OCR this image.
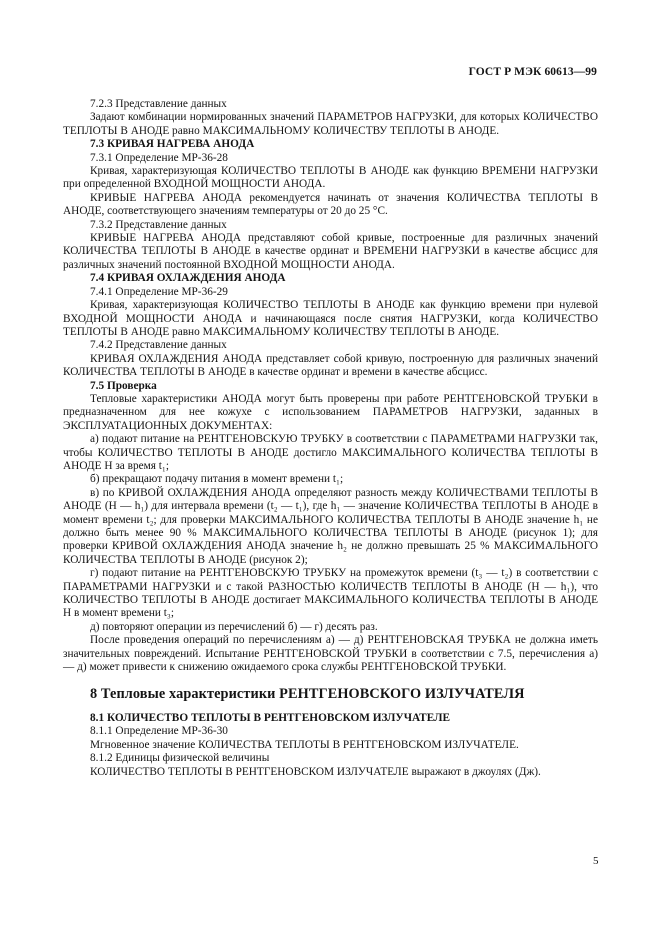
ГОСТ Р МЭК 60613—99

7.2.3 Представление данных

Задают комбинации нормированных значений ПАРАМЕТРОВ НАГРУЗКИ, для которых КОЛИЧЕСТВО ТЕПЛОТЫ В АНОДЕ равно МАКСИМАЛЬНОМУ КОЛИЧЕСТВУ ТЕПЛОТЫ В АНОДЕ.

7.3 КРИВАЯ НАГРЕВА АНОДА

7.3.1 Определение МР-36-28

Кривая, характеризующая КОЛИЧЕСТВО ТЕПЛОТЫ В АНОДЕ как функцию ВРЕМЕНИ НАГРУЗКИ при определенной ВХОДНОЙ МОЩНОСТИ АНОДА.

КРИВЫЕ НАГРЕВА АНОДА рекомендуется начинать от значения КОЛИЧЕСТВА ТЕПЛОТЫ В АНОДЕ, соответствующего значениям температуры от 20 до 25 °С.

7.3.2 Представление данных

КРИВЫЕ НАГРЕВА АНОДА представляют собой кривые, построенные для различных значений КОЛИЧЕСТВА ТЕПЛОТЫ В АНОДЕ в качестве ординат и ВРЕМЕНИ НАГРУЗКИ в качестве абсцисс для различных значений постоянной ВХОДНОЙ МОЩНОСТИ АНОДА.

7.4 КРИВАЯ ОХЛАЖДЕНИЯ АНОДА

7.4.1 Определение МР-36-29

Кривая, характеризующая КОЛИЧЕСТВО ТЕПЛОТЫ В АНОДЕ как функцию времени при нулевой ВХОДНОЙ МОЩНОСТИ АНОДА и начинающаяся после снятия НАГРУЗКИ, когда КОЛИЧЕСТВО ТЕПЛОТЫ В АНОДЕ равно МАКСИМАЛЬНОМУ КОЛИЧЕСТВУ ТЕПЛОТЫ В АНОДЕ.

7.4.2 Представление данных

КРИВАЯ ОХЛАЖДЕНИЯ АНОДА представляет собой кривую, построенную для различных значений КОЛИЧЕСТВА ТЕПЛОТЫ В АНОДЕ в качестве ординат и времени в качестве абсцисс.

7.5 Проверка

Тепловые характеристики АНОДА могут быть проверены при работе РЕНТГЕНОВСКОЙ ТРУБКИ в предназначенном для нее кожухе с использованием ПАРАМЕТРОВ НАГРУЗКИ, заданных в ЭКСПЛУАТАЦИОННЫХ ДОКУМЕНТАХ:

а) подают питание на РЕНТГЕНОВСКУЮ ТРУБКУ в соответствии с ПАРАМЕТРАМИ НАГРУЗКИ так, чтобы КОЛИЧЕСТВО ТЕПЛОТЫ В АНОДЕ достигло МАКСИМАЛЬНОГО КОЛИЧЕСТВА ТЕПЛОТЫ В АНОДЕ H за время t₁;

б) прекращают подачу питания в момент времени t₁;

в) по КРИВОЙ ОХЛАЖДЕНИЯ АНОДА определяют разность между КОЛИЧЕСТВАМИ ТЕПЛОТЫ В АНОДЕ (H — h₁) для интервала времени (t₂ — t₁), где h₁ — значение КОЛИЧЕСТВА ТЕПЛОТЫ В АНОДЕ в момент времени t₂; для проверки МАКСИМАЛЬНОГО КОЛИЧЕСТВА ТЕПЛОТЫ В АНОДЕ значение h₁ не должно быть менее 90 % МАКСИМАЛЬНОГО КОЛИЧЕСТВА ТЕПЛОТЫ В АНОДЕ (рисунок 1); для проверки КРИВОЙ ОХЛАЖДЕНИЯ АНОДА значение h₂ не должно превышать 25 % МАКСИМАЛЬНОГО КОЛИЧЕСТВА ТЕПЛОТЫ В АНОДЕ (рисунок 2);

г) подают питание на РЕНТГЕНОВСКУЮ ТРУБКУ на промежуток времени (t₃ — t₂) в соответствии с ПАРАМЕТРАМИ НАГРУЗКИ и с такой РАЗНОСТЬЮ КОЛИЧЕСТВ ТЕПЛОТЫ В АНОДЕ (H — h₁), что КОЛИЧЕСТВО ТЕПЛОТЫ В АНОДЕ достигает МАКСИМАЛЬНОГО КОЛИЧЕСТВА ТЕПЛОТЫ В АНОДЕ H в момент времени t₃;

д) повторяют операции из перечислений б) — г) десять раз.

После проведения операций по перечислениям а) — д) РЕНТГЕНОВСКАЯ ТРУБКА не должна иметь значительных повреждений. Испытание РЕНТГЕНОВСКОЙ ТРУБКИ в соответствии с 7.5, перечисления а) — д) может привести к снижению ожидаемого срока службы РЕНТГЕНОВСКОЙ ТРУБКИ.

8 Тепловые характеристики РЕНТГЕНОВСКОГО ИЗЛУЧАТЕЛЯ

8.1 КОЛИЧЕСТВО ТЕПЛОТЫ В РЕНТГЕНОВСКОМ ИЗЛУЧАТЕЛЕ

8.1.1 Определение МР-36-30

Мгновенное значение КОЛИЧЕСТВА ТЕПЛОТЫ В РЕНТГЕНОВСКОМ ИЗЛУЧАТЕЛЕ.

8.1.2 Единицы физической величины

КОЛИЧЕСТВО ТЕПЛОТЫ В РЕНТГЕНОВСКОМ ИЗЛУЧАТЕЛЕ выражают в джоулях (Дж).

5
